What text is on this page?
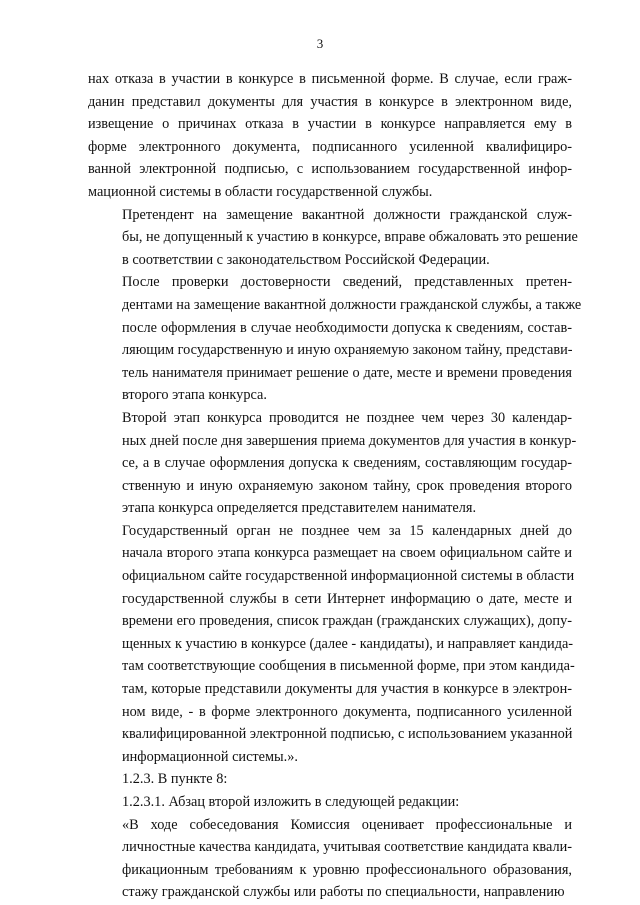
3

нах отказа в участии в конкурсе в письменной форме. В случае, если граж-
данин представил документы для участия в конкурсе в электронном виде,
извещение о причинах отказа в участии в конкурсе направляется ему в
форме электронного документа, подписанного усиленной квалифициро-
ванной электронной подписью, с использованием государственной инфор-
мационной системы в области государственной службы.

Претендент на замещение вакантной должности гражданской служ-
бы, не допущенный к участию в конкурсе, вправе обжаловать это решение
в соответствии с законодательством Российской Федерации.

После проверки достоверности сведений, представленных претен-
дентами на замещение вакантной должности гражданской службы, а также
после оформления в случае необходимости допуска к сведениям, состав-
ляющим государственную и иную охраняемую законом тайну, представи-
тель нанимателя принимает решение о дате, месте и времени проведения
второго этапа конкурса.

Второй этап конкурса проводится не позднее чем через 30 календар-
ных дней после дня завершения приема документов для участия в конкур-
се, а в случае оформления допуска к сведениям, составляющим государ-
ственную и иную охраняемую законом тайну, срок проведения второго
этапа конкурса определяется представителем нанимателя.

Государственный орган не позднее чем за 15 календарных дней до
начала второго этапа конкурса размещает на своем официальном сайте и
официальном сайте государственной информационной системы в области
государственной службы в сети Интернет информацию о дате, месте и
времени его проведения, список граждан (гражданских служащих), допу-
щенных к участию в конкурсе (далее - кандидаты), и направляет кандида-
там соответствующие сообщения в письменной форме, при этом кандида-
там, которые представили документы для участия в конкурсе в электрон-
ном виде, - в форме электронного документа, подписанного усиленной
квалифицированной электронной подписью, с использованием указанной
информационной системы.».

1.2.3. В пункте 8:

1.2.3.1. Абзац второй изложить в следующей редакции:

«В ходе собеседования Комиссия оценивает профессиональные и
личностные качества кандидата, учитывая соответствие кандидата квали-
фикационным требованиям к уровню профессионального образования,
стажу гражданской службы или работы по специальности, направлению
